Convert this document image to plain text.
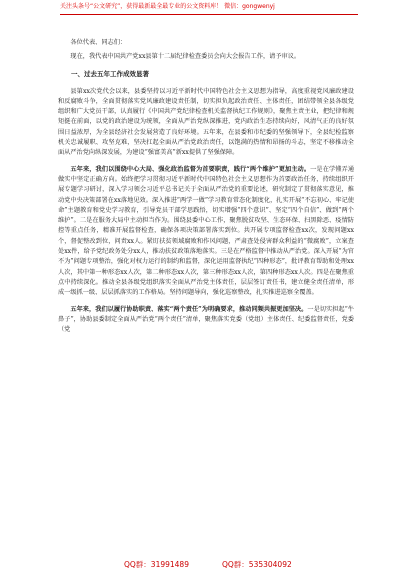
关注头条号“公文研究”，获得最新最全最专业的公文资料库！ 微信：gongwenyj

各位代表、同志们：

现在，我代表中国共产党xx县第十二届纪律检查委员会向大会报告工作，请予审议。

一、过去五年工作成效显著

县第xx次党代会以来，县委坚持以习近平新时代中国特色社会主义思想为指导，高度重视党风廉政建设和反腐败斗争，全面贯彻落实党风廉政建设责任制，切实担负起政治责任、主体责任，团结带领全县各级党组织和广大党员干部，认真履行《中国共产党纪律检查机关监督执纪工作规则》，聚焦主责主业，把纪律和规矩挺在前面，以党的政治建设为统领，全面从严治党纵深推进，党内政治生态持续向好，风清气正的良好氛围日益浓厚，为全县经济社会发展营造了良好环境。五年来，在县委和市纪委的坚强领导下，全县纪检监察机关忠诚履职、攻坚克难，坚决扛起全面从严治党政治责任，以饱满的热情和昂扬的斗志，坚定不移推动全面从严治党向纵深发展，为建设“强富美高”新xx提供了坚强保障。

五年来，我们以围绕中心大局、强化政治监督为首要职责，践行“两个维护”更加主动。一是在学懂弄通做实中坚定正确方向。始终把学习贯彻习近平新时代中国特色社会主义思想作为首要政治任务，持续组织开展专题学习研讨，深入学习领会习近平总书记关于全面从严治党的重要论述，研究制定了贯彻落实意见，推动党中央决策部署在xx落地见效。深入推进“两学一做”学习教育常态化制度化，扎实开展“不忘初心、牢记使命”主题教育和党史学习教育，引导党员干部学思践悟，切实增强“四个意识”、坚定“四个自信”、做到“两个维护”。二是在服务大局中主动担当作为。围绕县委中心工作，聚焦脱贫攻坚、生态环保、扫黑除恶、疫情防控等重点任务，精准开展监督检查，确保各项决策部署落实到位。共开展专项监督检查xx次，发现问题xx个，督促整改到位，问责xx人。紧盯扶贫领域腐败和作风问题，严肃查处侵害群众利益的“微腐败”，立案查处xx件，给予党纪政务处分xx人，推动扶贫政策落地落实。三是在严格监督中推动从严治党。深入开展“为官不为”问题专项整治，强化对权力运行的制约和监督，深化运用监督执纪“四种形态”，批评教育帮助和处理xx人次，其中第一种形态xx人次，第二种形态xx人次，第三种形态xx人次，第四种形态xx人次。四是在聚焦重点中持续深化。推动全县各级党组织落实全面从严治党主体责任，层层签订责任书，建立健全责任清单，形成一级抓一级、层层抓落实的工作格局。坚持问题导向，强化巡察整改，扎实推进巡察全覆盖。

五年来，我们以履行协助职责、落实“两个责任”为明确要求，推动同频共振更加坚决。一是切实担起“牛鼻子”，协助县委制定全面从严治党“两个责任”清单，聚焦落实党委（党组）主体责任、纪委监督责任，党委（党

QQ群：31991489	QQ群：535304092
